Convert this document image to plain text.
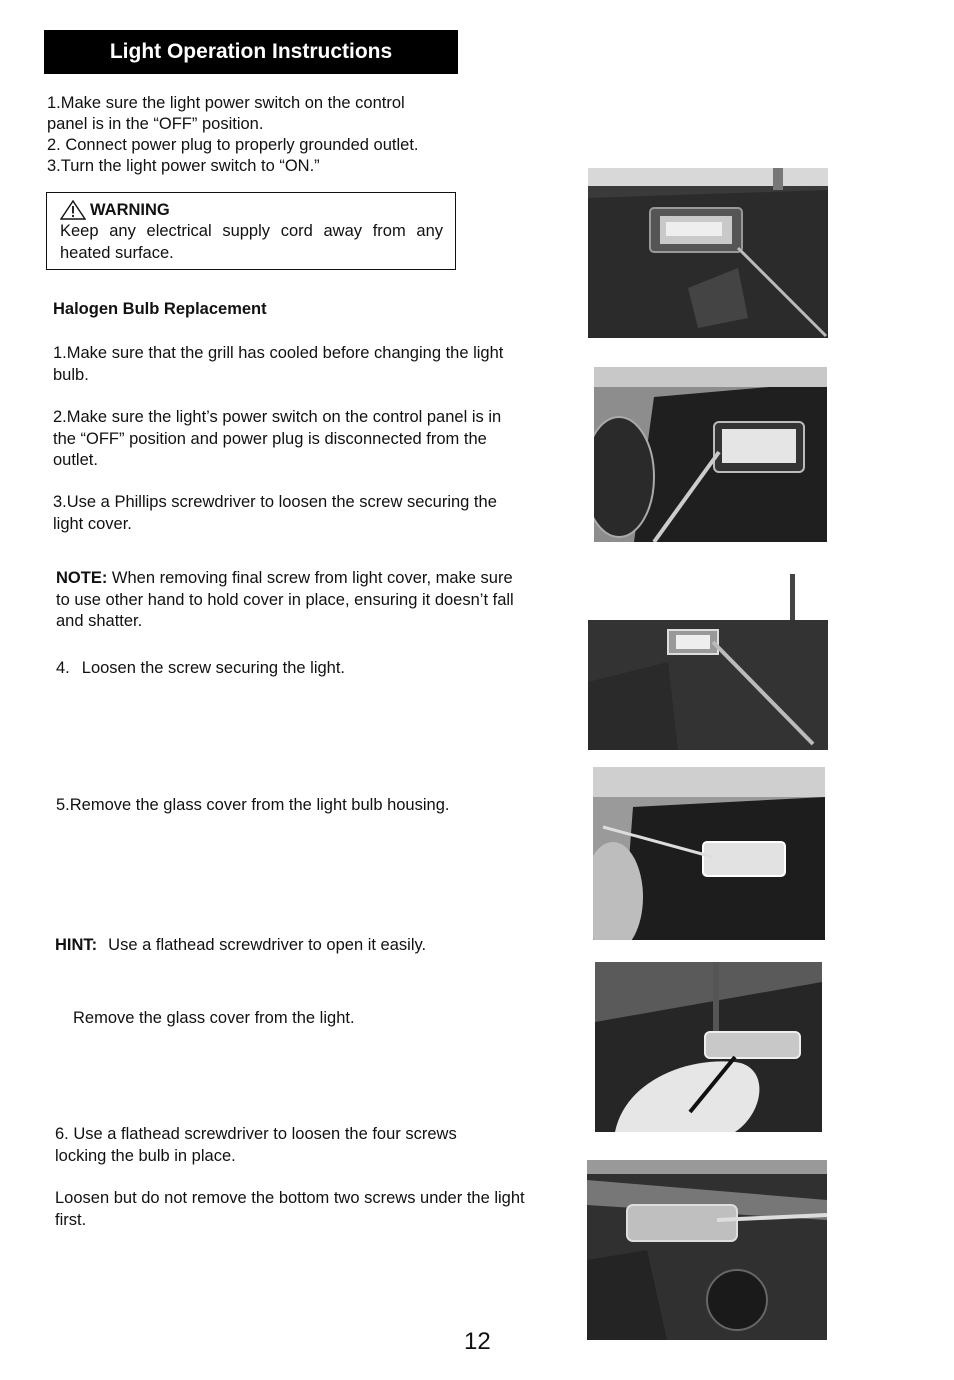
Light Operation Instructions

1.Make sure the light power switch on the control

panel is in the “OFF” position.

2. Connect power plug to properly grounded outlet.

3.Turn the light power switch to “ON.”

WARNING
Keep any electrical supply cord away from any heated surface.
Halogen Bulb Replacement

1.Make sure that the grill has cooled before changing the light bulb.

2.Make sure the light’s power switch on the control panel is in the “OFF” position and power plug is disconnected from the outlet.

3.Use a Phillips screwdriver to loosen the screw securing the light cover.

NOTE: When removing final screw from light cover, make sure to use other hand to hold cover in place, ensuring it doesn’t fall and shatter.

4. Loosen the screw securing the light.

5.Remove the glass cover from the light bulb housing.

HINT: Use a flathead screwdriver to open it easily.

Remove the glass cover from the light.

6. Use a flathead screwdriver to loosen the four screws locking the bulb in place.

Loosen but do not remove the bottom two screws under the light first.

12
